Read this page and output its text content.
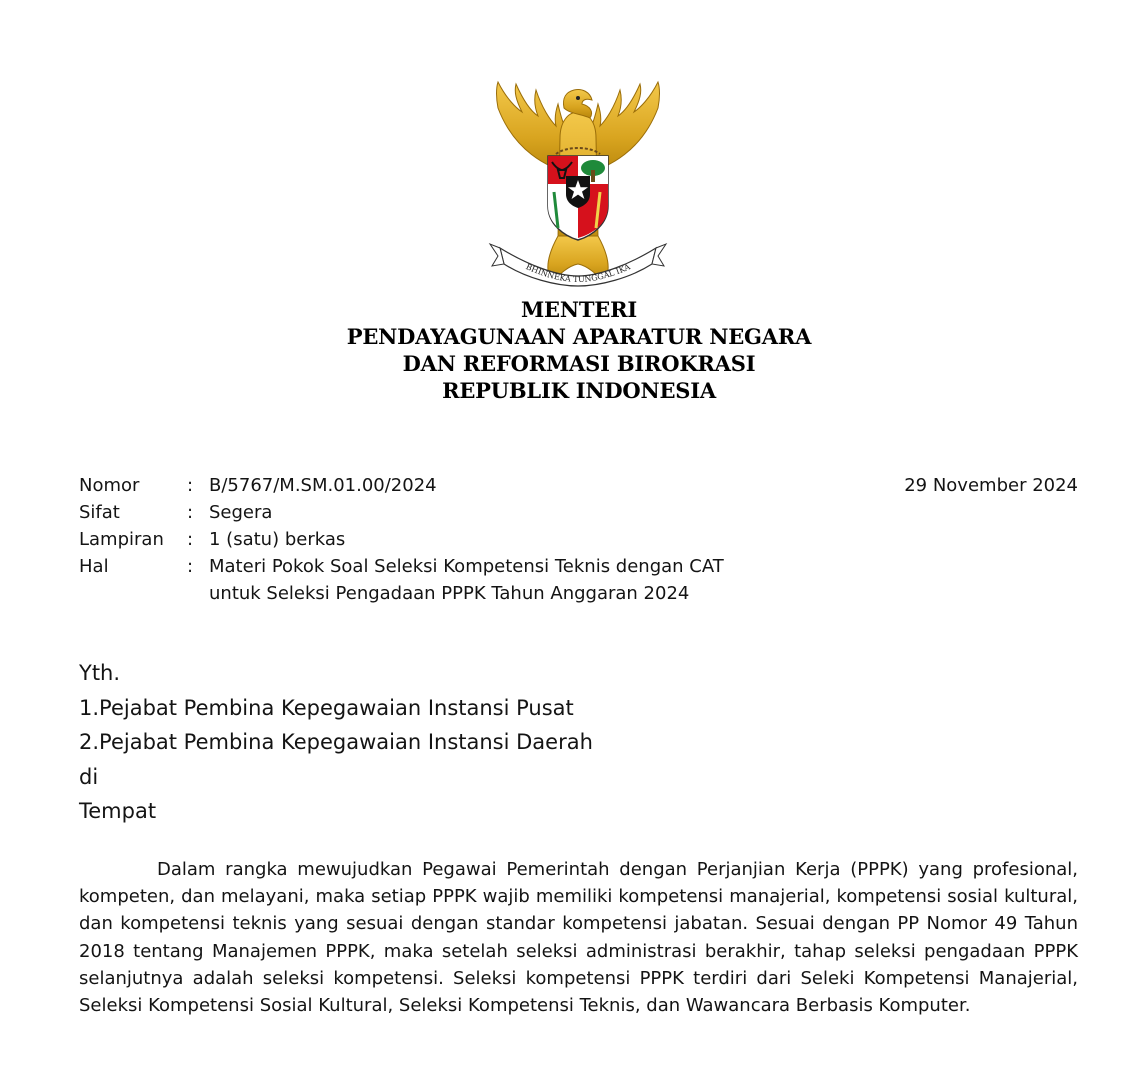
BHINNEKA TUNGGAL IKA
MENTERI
PENDAYAGUNAAN APARATUR NEGARA
DAN REFORMASI BIROKRASI
REPUBLIK INDONESIA
Nomor	: B/5767/M.SM.01.00/2024
Sifat	: Segera
Lampiran	: 1 (satu) berkas
Hal	: Materi Pokok Soal Seleksi Kompetensi Teknis dengan CAT untuk Seleksi Pengadaan PPPK Tahun Anggaran 2024
29 November 2024
Yth.
1.Pejabat Pembina Kepegawaian Instansi Pusat
2.Pejabat Pembina Kepegawaian Instansi Daerah
di
Tempat

Dalam rangka mewujudkan Pegawai Pemerintah dengan Perjanjian Kerja (PPPK) yang profesional, kompeten, dan melayani, maka setiap PPPK wajib memiliki kompetensi manajerial, kompetensi sosial kultural, dan kompetensi teknis yang sesuai dengan standar kompetensi jabatan. Sesuai dengan PP Nomor 49 Tahun 2018 tentang Manajemen PPPK, maka setelah seleksi administrasi berakhir, tahap seleksi pengadaan PPPK selanjutnya adalah seleksi kompetensi. Seleksi kompetensi PPPK terdiri dari Seleki Kompetensi Manajerial, Seleksi Kompetensi Sosial Kultural, Seleksi Kompetensi Teknis, dan Wawancara Berbasis Komputer.
